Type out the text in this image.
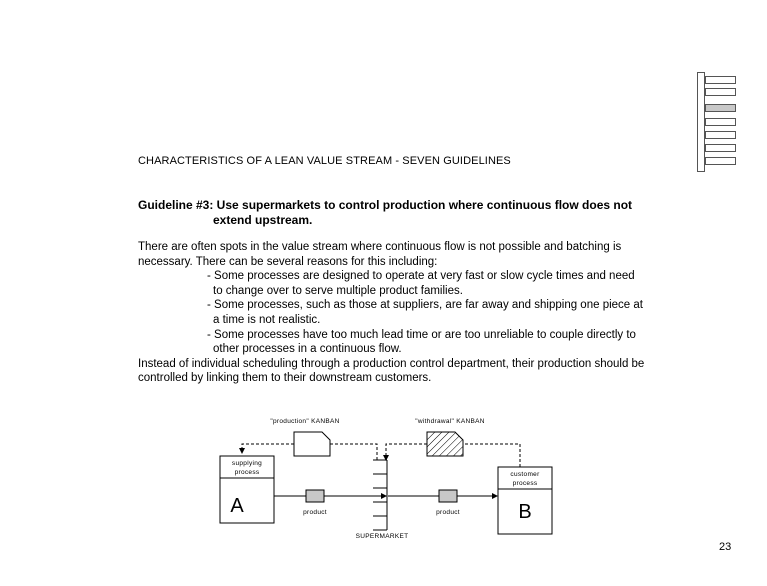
CHARACTERISTICS OF A LEAN VALUE STREAM - SEVEN GUIDELINES
Guideline #3: Use supermarkets to control production where continuous flow does not
extend upstream.
There are often spots in the value stream where continuous flow is not possible and batching is
necessary. There can be several reasons for this including:
- Some processes are designed to operate at very fast or slow cycle times and need
to change over to serve multiple product families.
- Some processes, such as those at suppliers, are far away and shipping one piece at
a time is not realistic.
- Some processes have too much lead time or are too unreliable to couple directly to
other processes in a continuous flow.
Instead of individual scheduling through a production control department, their production should be
controlled by linking them to their downstream customers.
"production" KANBAN	"withdrawal" KANBAN
supplying
process
A
customer
process
B
SUPERMARKET
product	product
23
